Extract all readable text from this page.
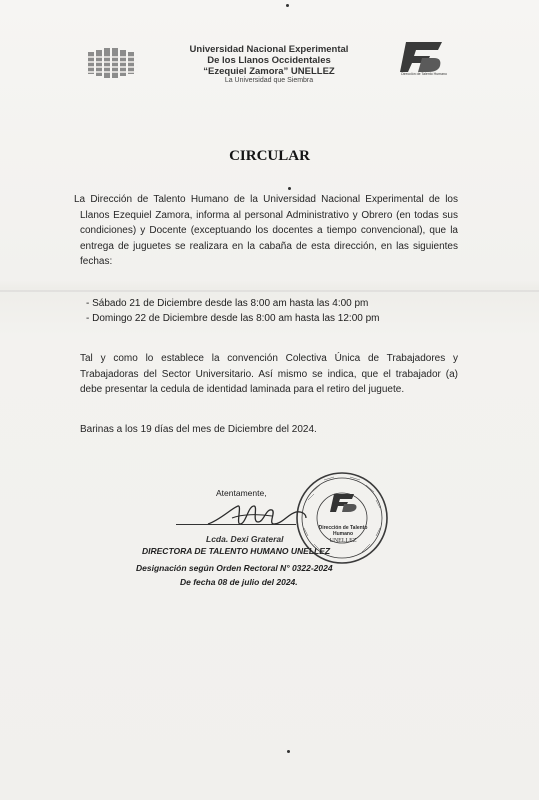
Universidad Nacional Experimental
De los Llanos Occidentales
“Ezequiel Zamora” UNELLEZ
La Universidad que Siembra
Dirección de Talento Humano
CIRCULAR
La Dirección de Talento Humano de la Universidad Nacional Experimental de los Llanos Ezequiel Zamora, informa al personal Administrativo y Obrero (en todas sus condiciones) y Docente (exceptuando los docentes a tiempo convencional), que la entrega de juguetes se realizara en la cabaña de esta dirección, en las siguientes fechas:
- Sábado 21 de Diciembre desde las 8:00 am hasta las 4:00 pm
- Domingo 22 de Diciembre desde las 8:00 am hasta las 12:00 pm
Tal y como lo establece la convención Colectiva Única de Trabajadores y Trabajadoras del Sector Universitario. Así mismo se indica, que el trabajador (a) debe presentar la cedula de identidad laminada para el retiro del juguete.
Barinas a los 19 días del mes de Diciembre del 2024.
Dirección de Talento Humano
UNELLEZ
Atentamente,
Lcda. Dexi Grateral
DIRECTORA DE TALENTO HUMANO UNELLEZ
Designación según Orden Rectoral N° 0322-2024
De fecha 08 de julio del 2024.
